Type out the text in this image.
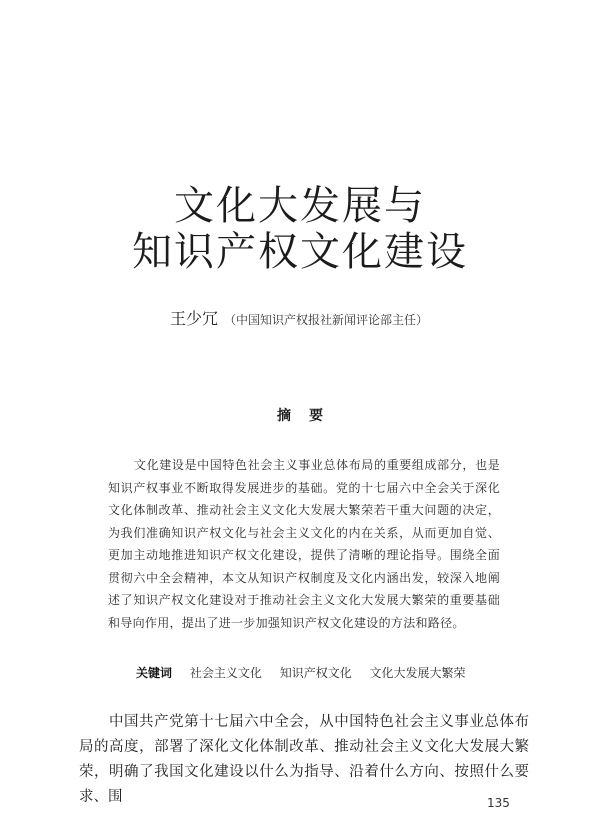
文化大发展与
知识产权文化建设
王少冗 （中国知识产权报社新闻评论部主任）
摘要
文化建设是中国特色社会主义事业总体布局的重要组成部分，也是知识产权事业不断取得发展进步的基础。党的十七届六中全会关于深化文化体制改革、推动社会主义文化大发展大繁荣若干重大问题的决定，为我们准确知识产权文化与社会主义文化的内在关系，从而更加自觉、更加主动地推进知识产权文化建设，提供了清晰的理论指导。围绕全面贯彻六中全会精神，本文从知识产权制度及文化内涵出发，较深入地阐述了知识产权文化建设对于推动社会主义文化大发展大繁荣的重要基础和导向作用，提出了进一步加强知识产权文化建设的方法和路径。
关键词 社会主义文化 知识产权文化 文化大发展大繁荣
中国共产党第十七届六中全会，从中国特色社会主义事业总体布局的高度，部署了深化文化体制改革、推动社会主义文化大发展大繁荣，明确了我国文化建设以什么为指导、沿着什么方向、按照什么要求、围	135
